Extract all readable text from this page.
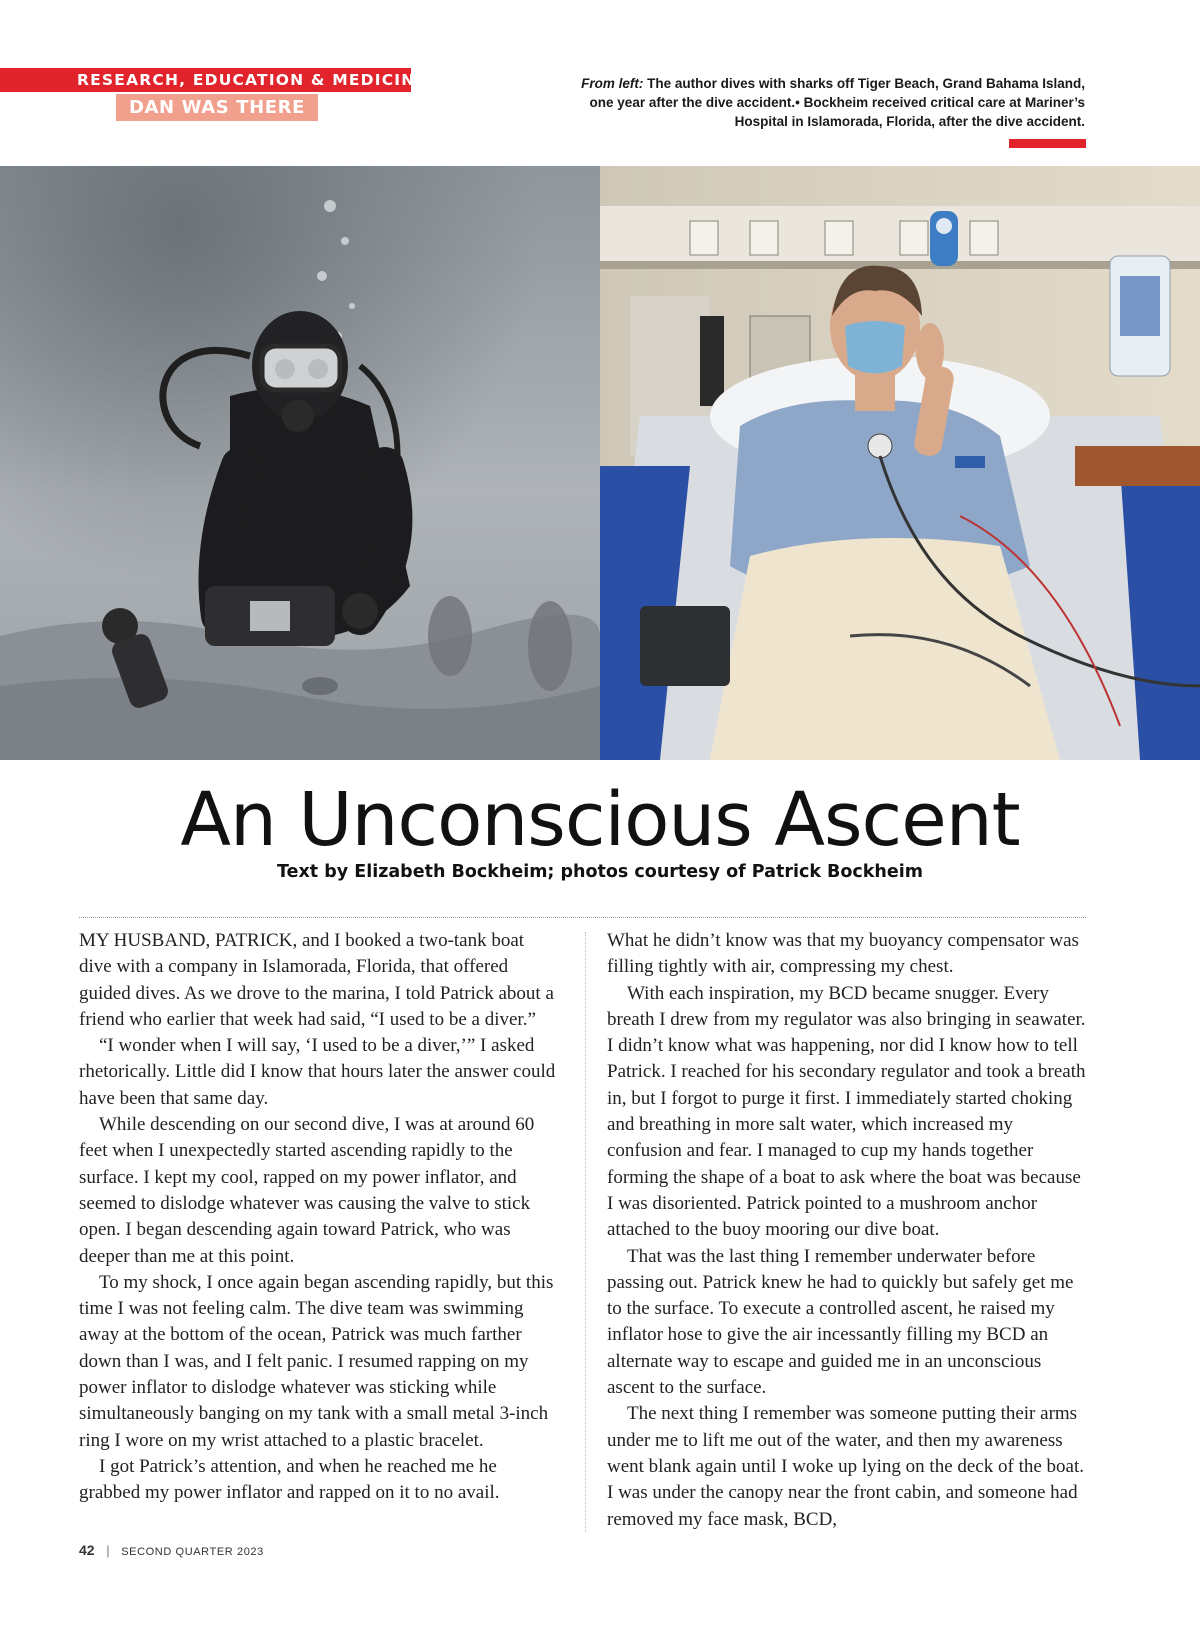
RESEARCH, EDUCATION & MEDICINE
DAN WAS THERE
From left: The author dives with sharks off Tiger Beach, Grand Bahama Island, one year after the dive accident.• Bockheim received critical care at Mariner’s Hospital in Islamorada, Florida, after the dive accident.
An Unconscious Ascent
Text by Elizabeth Bockheim; photos courtesy of Patrick Bockheim

MY HUSBAND, PATRICK, and I booked a two-tank boat dive with a company in Islamorada, Florida, that offered guided dives. As we drove to the marina, I told Patrick about a friend who earlier that week had said, “I used to be a diver.”

“I wonder when I will say, ‘I used to be a diver,’” I asked rhetorically. Little did I know that hours later the answer could have been that same day.

While descending on our second dive, I was at around 60 feet when I unexpectedly started ascending rapidly to the surface. I kept my cool, rapped on my power inflator, and seemed to dislodge whatever was causing the valve to stick open. I began descending again toward Patrick, who was deeper than me at this point.

To my shock, I once again began ascending rapidly, but this time I was not feeling calm. The dive team was swimming away at the bottom of the ocean, Patrick was much farther down than I was, and I felt panic. I resumed rapping on my power inflator to dislodge whatever was sticking while simultaneously banging on my tank with a small metal 3-inch ring I wore on my wrist attached to a plastic bracelet.

I got Patrick’s attention, and when he reached me he grabbed my power inflator and rapped on it to no avail.

What he didn’t know was that my buoyancy compensator was filling tightly with air, compressing my chest.

With each inspiration, my BCD became snugger. Every breath I drew from my regulator was also bringing in seawater. I didn’t know what was happening, nor did I know how to tell Patrick. I reached for his secondary regulator and took a breath in, but I forgot to purge it first. I immediately started choking and breathing in more salt water, which increased my confusion and fear. I managed to cup my hands together forming the shape of a boat to ask where the boat was because I was disoriented. Patrick pointed to a mushroom anchor attached to the buoy mooring our dive boat.

That was the last thing I remember underwater before passing out. Patrick knew he had to quickly but safely get me to the surface. To execute a controlled ascent, he raised my inflator hose to give the air incessantly filling my BCD an alternate way to escape and guided me in an unconscious ascent to the surface.

The next thing I remember was someone putting their arms under me to lift me out of the water, and then my awareness went blank again until I woke up lying on the deck of the boat. I was under the canopy near the front cabin, and someone had removed my face mask, BCD,

42 | SECOND QUARTER 2023
